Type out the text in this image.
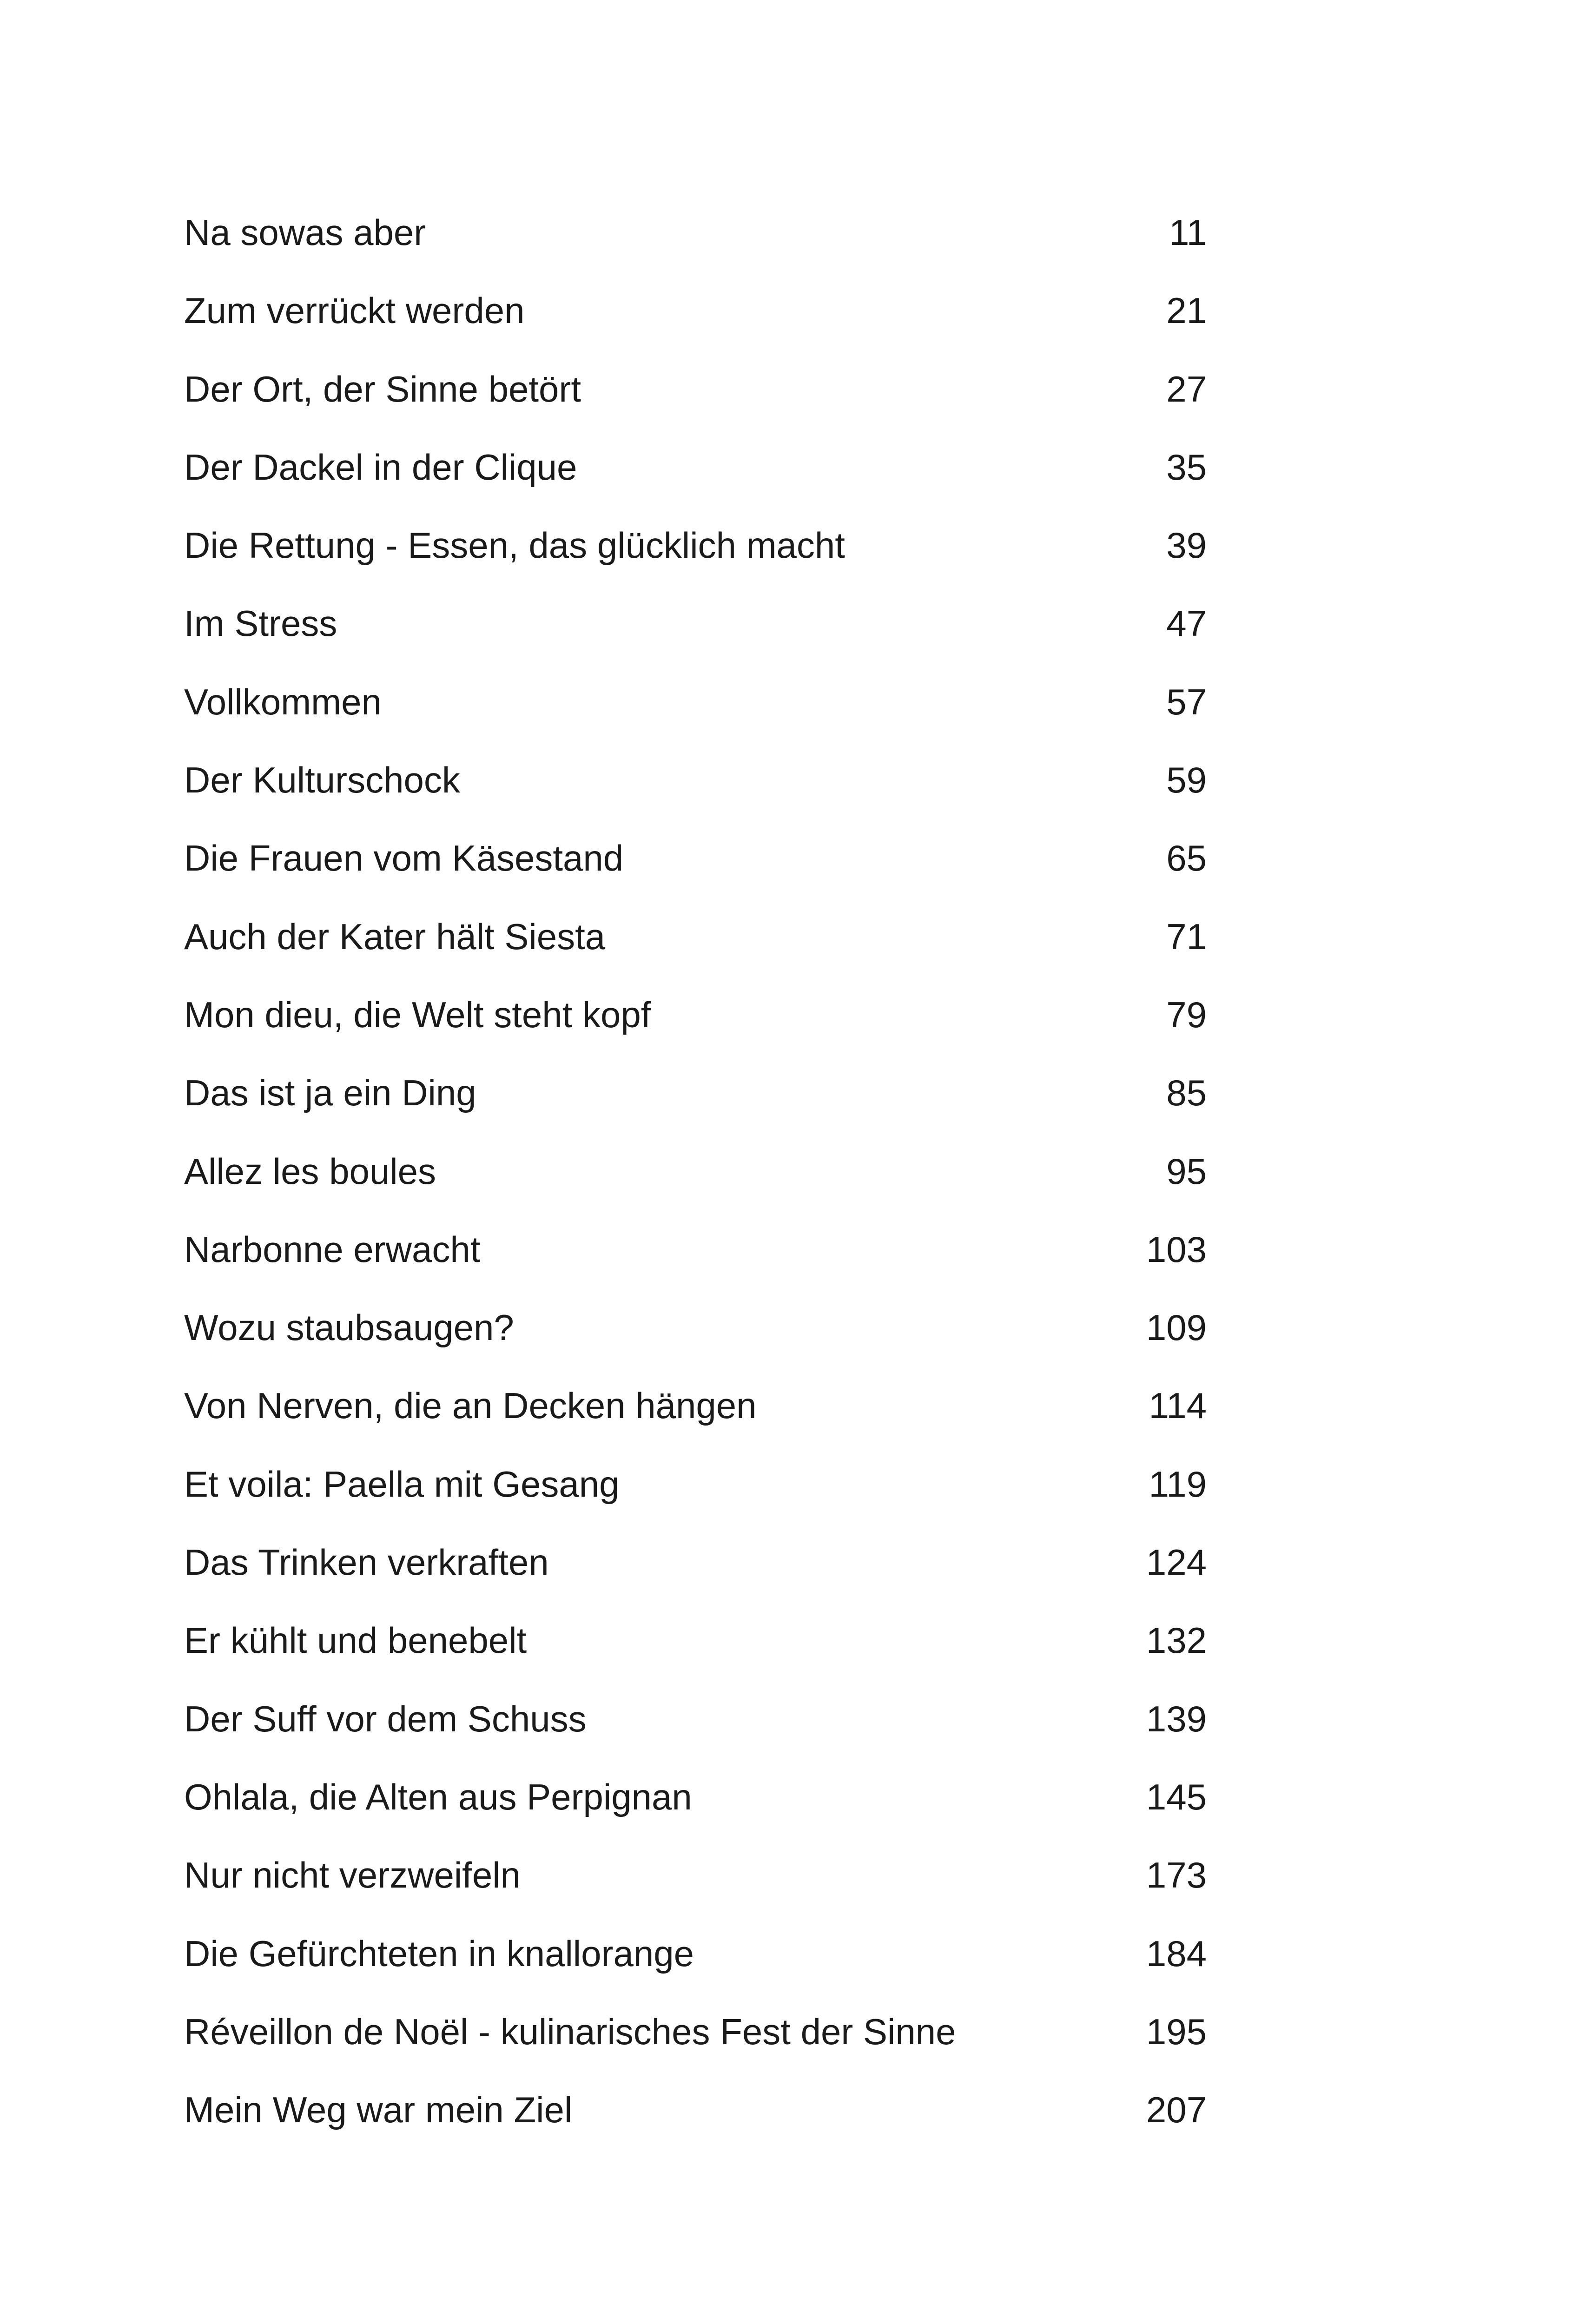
Na sowas aber	11
Zum verrückt werden	21
Der Ort, der Sinne betört	27
Der Dackel in der Clique	35
Die Rettung - Essen, das glücklich macht	39
Im Stress	47
Vollkommen	57
Der Kulturschock	59
Die Frauen vom Käsestand	65
Auch der Kater hält Siesta	71
Mon dieu, die Welt steht kopf	79
Das ist ja ein Ding	85
Allez les boules	95
Narbonne erwacht	103
Wozu staubsaugen?	109
Von Nerven, die an Decken hängen	114
Et voila: Paella mit Gesang	119
Das Trinken verkraften	124
Er kühlt und benebelt	132
Der Suff vor dem Schuss	139
Ohlala, die Alten aus Perpignan	145
Nur nicht verzweifeln	173
Die Gefürchteten in knallorange	184
Réveillon de Noël - kulinarisches Fest der Sinne	195
Mein Weg war mein Ziel	207
